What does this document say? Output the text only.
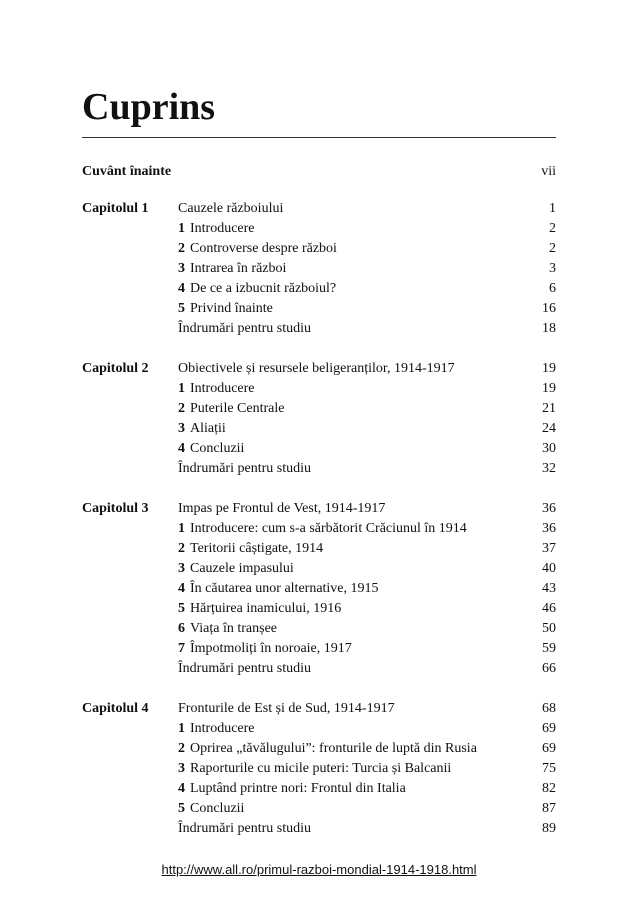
Cuprins
Cuvânt înainte	vii
Capitolul 1	Cauzele războiului	1
1 Introducere	2
2 Controverse despre război	2
3 Intrarea în război	3
4 De ce a izbucnit războiul?	6
5 Privind înainte	16
Îndrumări pentru studiu	18
Capitolul 2	Obiectivele și resursele beligeranților, 1914-1917	19
1 Introducere	19
2 Puterile Centrale	21
3 Aliații	24
4 Concluzii	30
Îndrumări pentru studiu	32
Capitolul 3	Impas pe Frontul de Vest, 1914-1917	36
1 Introducere: cum s-a sărbătorit Crăciunul în 1914	36
2 Teritorii câștigate, 1914	37
3 Cauzele impasului	40
4 În căutarea unor alternative, 1915	43
5 Hărțuirea inamicului, 1916	46
6 Viața în tranșee	50
7 Împotmoliți în noroaie, 1917	59
Îndrumări pentru studiu	66
Capitolul 4	Fronturile de Est și de Sud, 1914-1917	68
1 Introducere	69
2 Oprirea „tăvălugului”: fronturile de luptă din Rusia	69
3 Raporturile cu micile puteri: Turcia și Balcanii	75
4 Luptând printre nori: Frontul din Italia	82
5 Concluzii	87
Îndrumări pentru studiu	89
http://www.all.ro/primul-razboi-mondial-1914-1918.html
